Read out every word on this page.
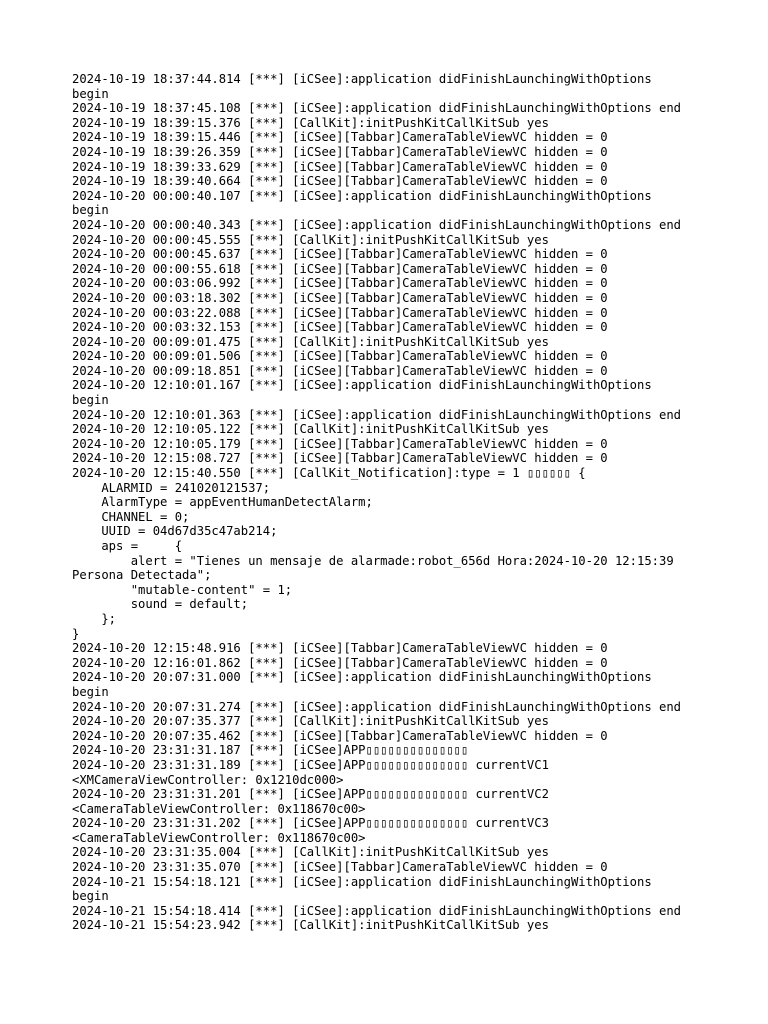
2024-10-19 18:37:44.814 [***] [iCSee]:application didFinishLaunchingWithOptions
begin
2024-10-19 18:37:45.108 [***] [iCSee]:application didFinishLaunchingWithOptions end
2024-10-19 18:39:15.376 [***] [CallKit]:initPushKitCallKitSub yes
2024-10-19 18:39:15.446 [***] [iCSee][Tabbar]CameraTableViewVC hidden = 0
2024-10-19 18:39:26.359 [***] [iCSee][Tabbar]CameraTableViewVC hidden = 0
2024-10-19 18:39:33.629 [***] [iCSee][Tabbar]CameraTableViewVC hidden = 0
2024-10-19 18:39:40.664 [***] [iCSee][Tabbar]CameraTableViewVC hidden = 0
2024-10-20 00:00:40.107 [***] [iCSee]:application didFinishLaunchingWithOptions
begin
2024-10-20 00:00:40.343 [***] [iCSee]:application didFinishLaunchingWithOptions end
2024-10-20 00:00:45.555 [***] [CallKit]:initPushKitCallKitSub yes
2024-10-20 00:00:45.637 [***] [iCSee][Tabbar]CameraTableViewVC hidden = 0
2024-10-20 00:00:55.618 [***] [iCSee][Tabbar]CameraTableViewVC hidden = 0
2024-10-20 00:03:06.992 [***] [iCSee][Tabbar]CameraTableViewVC hidden = 0
2024-10-20 00:03:18.302 [***] [iCSee][Tabbar]CameraTableViewVC hidden = 0
2024-10-20 00:03:22.088 [***] [iCSee][Tabbar]CameraTableViewVC hidden = 0
2024-10-20 00:03:32.153 [***] [iCSee][Tabbar]CameraTableViewVC hidden = 0
2024-10-20 00:09:01.475 [***] [CallKit]:initPushKitCallKitSub yes
2024-10-20 00:09:01.506 [***] [iCSee][Tabbar]CameraTableViewVC hidden = 0
2024-10-20 00:09:18.851 [***] [iCSee][Tabbar]CameraTableViewVC hidden = 0
2024-10-20 12:10:01.167 [***] [iCSee]:application didFinishLaunchingWithOptions
begin
2024-10-20 12:10:01.363 [***] [iCSee]:application didFinishLaunchingWithOptions end
2024-10-20 12:10:05.122 [***] [CallKit]:initPushKitCallKitSub yes
2024-10-20 12:10:05.179 [***] [iCSee][Tabbar]CameraTableViewVC hidden = 0
2024-10-20 12:15:08.727 [***] [iCSee][Tabbar]CameraTableViewVC hidden = 0
2024-10-20 12:15:40.550 [***] [CallKit_Notification]:type = 1 ▯▯▯▯▯▯ {
ALARMID = 241020121537;
AlarmType = appEventHumanDetectAlarm;
CHANNEL = 0;
UUID = 04d67d35c47ab214;
aps =     {
alert = "Tienes un mensaje de alarmade:robot_656d Hora:2024-10-20 12:15:39
Persona Detectada";
"mutable-content" = 1;
sound = default;
};
}
2024-10-20 12:15:48.916 [***] [iCSee][Tabbar]CameraTableViewVC hidden = 0
2024-10-20 12:16:01.862 [***] [iCSee][Tabbar]CameraTableViewVC hidden = 0
2024-10-20 20:07:31.000 [***] [iCSee]:application didFinishLaunchingWithOptions
begin
2024-10-20 20:07:31.274 [***] [iCSee]:application didFinishLaunchingWithOptions end
2024-10-20 20:07:35.377 [***] [CallKit]:initPushKitCallKitSub yes
2024-10-20 20:07:35.462 [***] [iCSee][Tabbar]CameraTableViewVC hidden = 0
2024-10-20 23:31:31.187 [***] [iCSee]APP▯▯▯▯▯▯▯▯▯▯▯▯▯▯
2024-10-20 23:31:31.189 [***] [iCSee]APP▯▯▯▯▯▯▯▯▯▯▯▯▯▯ currentVC1
<XMCameraViewController: 0x1210dc000>
2024-10-20 23:31:31.201 [***] [iCSee]APP▯▯▯▯▯▯▯▯▯▯▯▯▯▯ currentVC2
<CameraTableViewController: 0x118670c00>
2024-10-20 23:31:31.202 [***] [iCSee]APP▯▯▯▯▯▯▯▯▯▯▯▯▯▯ currentVC3
<CameraTableViewController: 0x118670c00>
2024-10-20 23:31:35.004 [***] [CallKit]:initPushKitCallKitSub yes
2024-10-20 23:31:35.070 [***] [iCSee][Tabbar]CameraTableViewVC hidden = 0
2024-10-21 15:54:18.121 [***] [iCSee]:application didFinishLaunchingWithOptions
begin
2024-10-21 15:54:18.414 [***] [iCSee]:application didFinishLaunchingWithOptions end
2024-10-21 15:54:23.942 [***] [CallKit]:initPushKitCallKitSub yes
